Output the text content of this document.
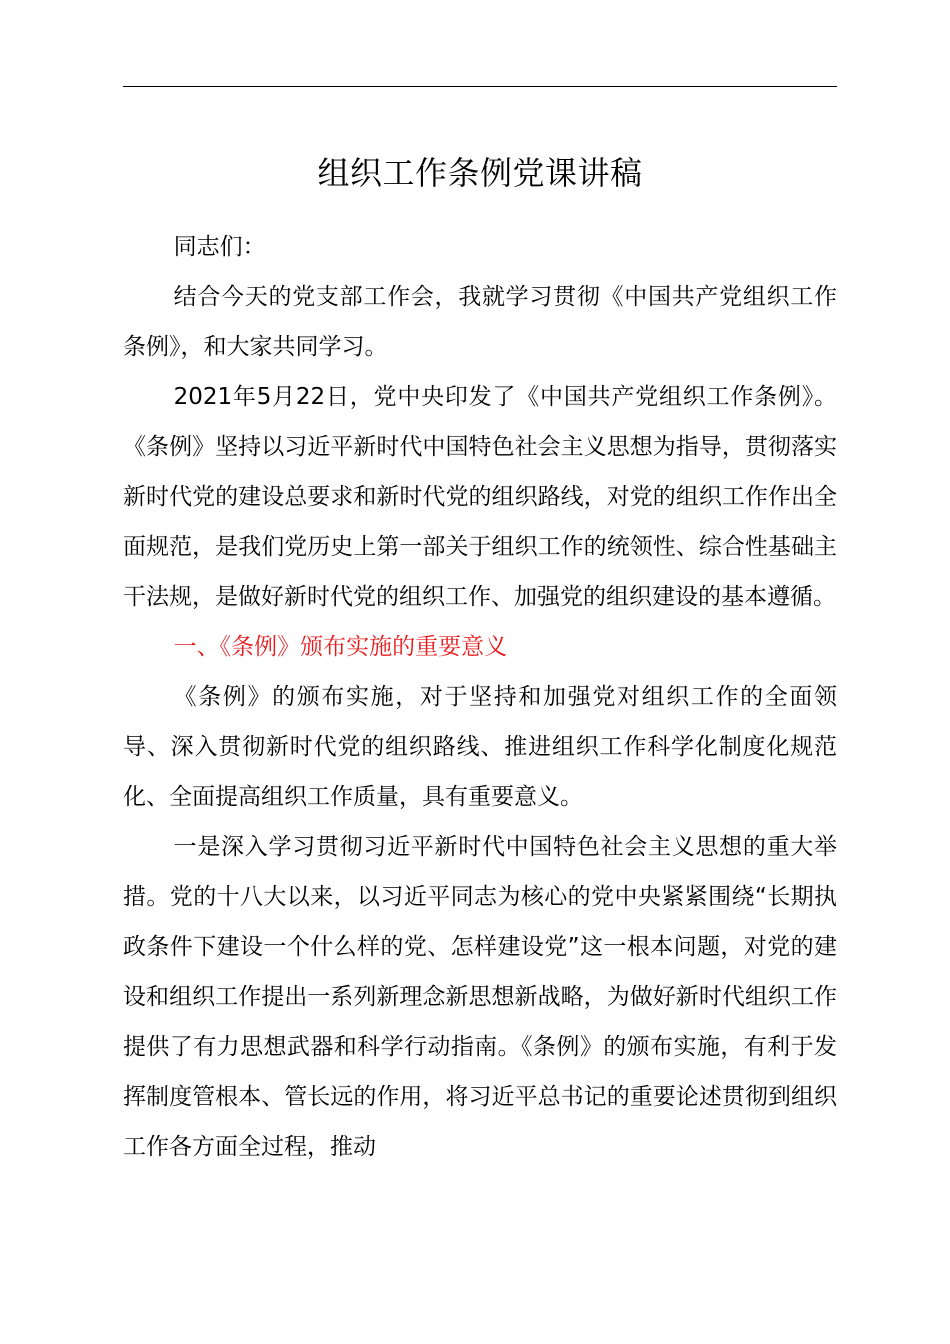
组织工作条例党课讲稿

同志们：

结合今天的党支部工作会，我就学习贯彻《中国共产党组织工作条例》，和大家共同学习。

2021年5月22日，党中央印发了《中国共产党组织工作条例》。《条例》坚持以习近平新时代中国特色社会主义思想为指导，贯彻落实新时代党的建设总要求和新时代党的组织路线，对党的组织工作作出全面规范，是我们党历史上第一部关于组织工作的统领性、综合性基础主干法规，是做好新时代党的组织工作、加强党的组织建设的基本遵循。

一、《条例》颁布实施的重要意义

《条例》的颁布实施，对于坚持和加强党对组织工作的全面领导、深入贯彻新时代党的组织路线、推进组织工作科学化制度化规范化、全面提高组织工作质量，具有重要意义。

一是深入学习贯彻习近平新时代中国特色社会主义思想的重大举措。党的十八大以来，以习近平同志为核心的党中央紧紧围绕“长期执政条件下建设一个什么样的党、怎样建设党”这一根本问题，对党的建设和组织工作提出一系列新理念新思想新战略，为做好新时代组织工作提供了有力思想武器和科学行动指南。《条例》的颁布实施，有利于发挥制度管根本、管长远的作用，将习近平总书记的重要论述贯彻到组织工作各方面全过程，推动
